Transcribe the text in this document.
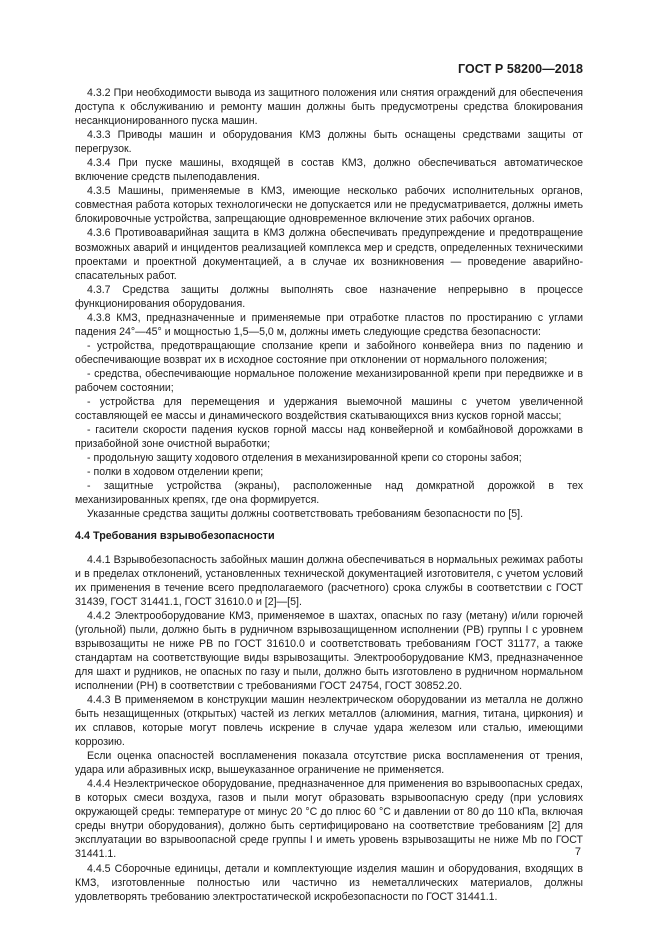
ГОСТ Р 58200—2018

4.3.2 При необходимости вывода из защитного положения или снятия ограждений для обеспечения доступа к обслуживанию и ремонту машин должны быть предусмотрены средства блокирования несанкционированного пуска машин.

4.3.3 Приводы машин и оборудования КМЗ должны быть оснащены средствами защиты от перегрузок.

4.3.4 При пуске машины, входящей в состав КМЗ, должно обеспечиваться автоматическое включение средств пылеподавления.

4.3.5 Машины, применяемые в КМЗ, имеющие несколько рабочих исполнительных органов, совместная работа которых технологически не допускается или не предусматривается, должны иметь блокировочные устройства, запрещающие одновременное включение этих рабочих органов.

4.3.6 Противоаварийная защита в КМЗ должна обеспечивать предупреждение и предотвращение возможных аварий и инцидентов реализацией комплекса мер и средств, определенных техническими проектами и проектной документацией, а в случае их возникновения — проведение аварийно-спасательных работ.

4.3.7 Средства защиты должны выполнять свое назначение непрерывно в процессе функционирования оборудования.

4.3.8 КМЗ, предназначенные и применяемые при отработке пластов по простиранию с углами падения 24°—45° и мощностью 1,5—5,0 м, должны иметь следующие средства безопасности:

- устройства, предотвращающие сползание крепи и забойного конвейера вниз по падению и обеспечивающие возврат их в исходное состояние при отклонении от нормального положения;

- средства, обеспечивающие нормальное положение механизированной крепи при передвижке и в рабочем состоянии;

- устройства для перемещения и удержания выемочной машины с учетом увеличенной составляющей ее массы и динамического воздействия скатывающихся вниз кусков горной массы;

- гасители скорости падения кусков горной массы над конвейерной и комбайновой дорожками в призабойной зоне очистной выработки;

- продольную защиту ходового отделения в механизированной крепи со стороны забоя;

- полки в ходовом отделении крепи;

- защитные устройства (экраны), расположенные над домкратной дорожкой в тех механизированных крепях, где она формируется.

Указанные средства защиты должны соответствовать требованиям безопасности по [5].

4.4 Требования взрывобезопасности

4.4.1 Взрывобезопасность забойных машин должна обеспечиваться в нормальных режимах работы и в пределах отклонений, установленных технической документацией изготовителя, с учетом условий их применения в течение всего предполагаемого (расчетного) срока службы в соответствии с ГОСТ 31439, ГОСТ 31441.1, ГОСТ 31610.0 и [2]—[5].

4.4.2 Электрооборудование КМЗ, применяемое в шахтах, опасных по газу (метану) и/или горючей (угольной) пыли, должно быть в рудничном взрывозащищенном исполнении (РВ) группы I с уровнем взрывозащиты не ниже РВ по ГОСТ 31610.0 и соответствовать требованиям ГОСТ 31177, а также стандартам на соответствующие виды взрывозащиты. Электрооборудование КМЗ, предназначенное для шахт и рудников, не опасных по газу и пыли, должно быть изготовлено в рудничном нормальном исполнении (РН) в соответствии с требованиями ГОСТ 24754, ГОСТ 30852.20.

4.4.3 В применяемом в конструкции машин неэлектрическом оборудовании из металла не должно быть незащищенных (открытых) частей из легких металлов (алюминия, магния, титана, циркония) и их сплавов, которые могут повлечь искрение в случае удара железом или сталью, имеющими коррозию.

Если оценка опасностей воспламенения показала отсутствие риска воспламенения от трения, удара или абразивных искр, вышеуказанное ограничение не применяется.

4.4.4 Неэлектрическое оборудование, предназначенное для применения во взрывоопасных средах, в которых смеси воздуха, газов и пыли могут образовать взрывоопасную среду (при условиях окружающей среды: температуре от минус 20 °С до плюс 60 °С и давлении от 80 до 110 кПа, включая среды внутри оборудования), должно быть сертифицировано на соответствие требованиям [2] для эксплуатации во взрывоопасной среде группы I и иметь уровень взрывозащиты не ниже Mb по ГОСТ 31441.1.

4.4.5 Сборочные единицы, детали и комплектующие изделия машин и оборудования, входящих в КМЗ, изготовленные полностью или частично из неметаллических материалов, должны удовлетворять требованию электростатической искробезопасности по ГОСТ 31441.1.

7
